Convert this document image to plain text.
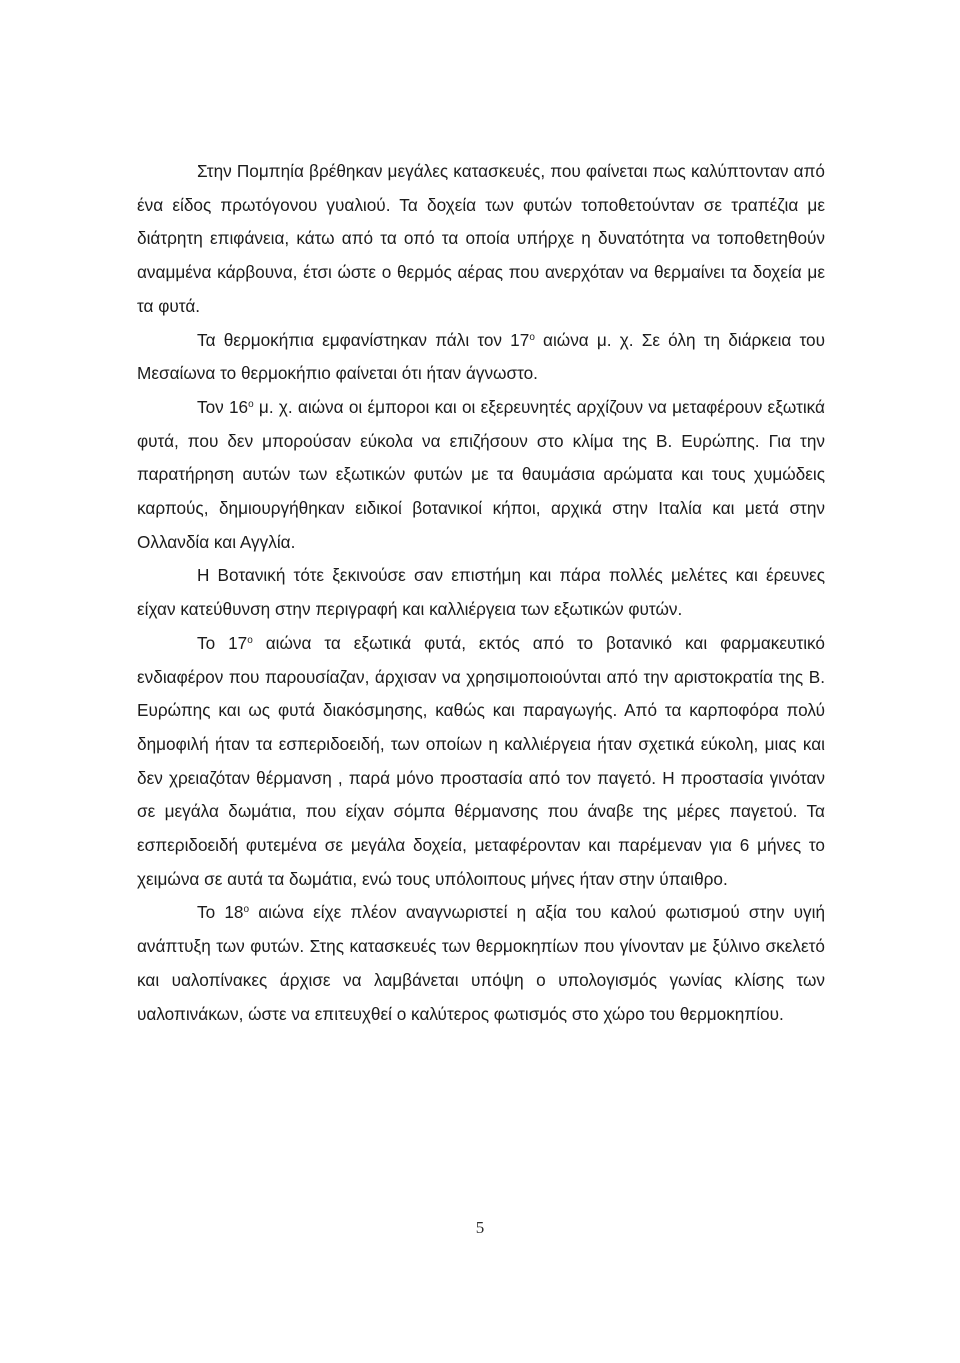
Στην Πομπηία βρέθηκαν μεγάλες κατασκευές, που φαίνεται πως καλύπτονταν από ένα είδος πρωτόγονου γυαλιού. Τα δοχεία των φυτών τοποθετούνταν σε τραπέζια με διάτρητη επιφάνεια, κάτω από τα οπό τα οποία υπήρχε η δυνατότητα να τοποθετηθούν αναμμένα κάρβουνα, έτσι ώστε ο θερμός αέρας που ανερχόταν να θερμαίνει τα δοχεία με τα φυτά.

Τα θερμοκήπια εμφανίστηκαν πάλι τον $17^o$ αιώνα μ. χ. Σε όλη τη διάρκεια του Μεσαίωνα το θερμοκήπιο φαίνεται ότι ήταν άγνωστο.

Τον $16^o$ μ. χ. αιώνα οι έμποροι και οι εξερευνητές αρχίζουν να μεταφέρουν εξωτικά φυτά, που δεν μπορούσαν εύκολα να επιζήσουν στο κλίμα της Β. Ευρώπης. Για την παρατήρηση αυτών των εξωτικών φυτών με τα θαυμάσια αρώματα και τους χυμώδεις καρπούς, δημιουργήθηκαν ειδικοί βοτανικοί κήποι, αρχικά στην Ιταλία και μετά στην Ολλανδία και Αγγλία.

Η Βοτανική τότε ξεκινούσε σαν επιστήμη και πάρα πολλές μελέτες και έρευνες είχαν κατεύθυνση στην περιγραφή και καλλιέργεια των εξωτικών φυτών.

Το $17^o$ αιώνα τα εξωτικά φυτά, εκτός από το βοτανικό και φαρμακευτικό ενδιαφέρον που παρουσίαζαν, άρχισαν να χρησιμοποιούνται από την αριστοκρατία της Β. Ευρώπης και ως φυτά διακόσμησης, καθώς και παραγωγής. Από τα καρποφόρα πολύ δημοφιλή ήταν τα εσπεριδοειδή, των οποίων η καλλιέργεια ήταν σχετικά εύκολη, μιας και δεν χρειαζόταν θέρμανση , παρά μόνο προστασία από τον παγετό. Η προστασία γινόταν σε μεγάλα δωμάτια, που είχαν σόμπα θέρμανσης που άναβε της μέρες παγετού. Τα εσπεριδοειδή φυτεμένα σε μεγάλα δοχεία, μεταφέρονταν και παρέμεναν για 6 μήνες το χειμώνα σε αυτά τα δωμάτια, ενώ τους υπόλοιπους μήνες ήταν στην ύπαιθρο.

Το $18^o$ αιώνα είχε πλέον αναγνωριστεί η αξία του καλού φωτισμού στην υγιή ανάπτυξη των φυτών. Στης κατασκευές των θερμοκηπίων που γίνονταν με ξύλινο σκελετό και υαλοπίνακες άρχισε να λαμβάνεται υπόψη ο υπολογισμός γωνίας κλίσης των υαλοπινάκων, ώστε να επιτευχθεί ο καλύτερος φωτισμός στο χώρο του θερμοκηπίου.

5
